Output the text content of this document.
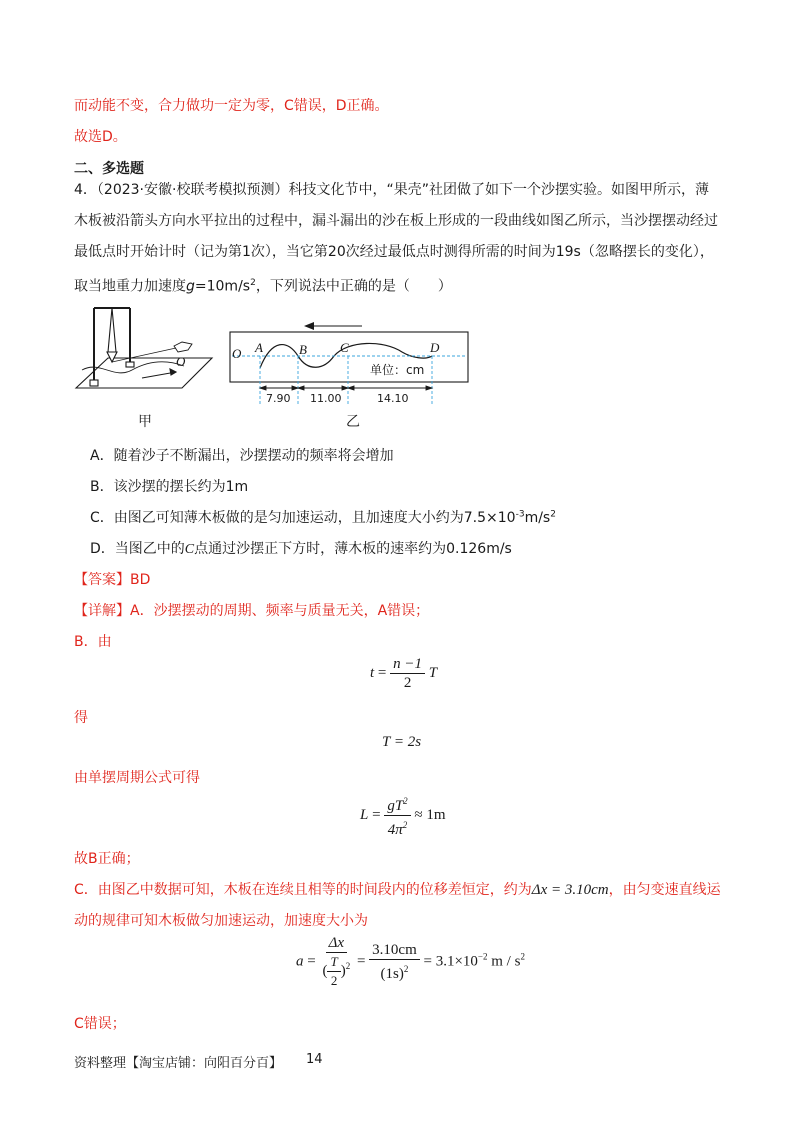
而动能不变，合力做功一定为零，C错误，D正确。
故选D。
二、多选题
4．（2023·安徽·校联考模拟预测）科技文化节中，“果壳”社团做了如下一个沙摆实验。如图甲所示，薄
木板被沿箭头方向水平拉出的过程中，漏斗漏出的沙在板上形成的一段曲线如图乙所示，当沙摆摆动经过
最低点时开始计时（记为第1次），当它第20次经过最低点时测得所需的时间为19s（忽略摆长的变化），
取当地重力加速度$g=10m/s^2$，下列说法中正确的是（　　）
O
甲
O A	B	C	D
单位：cm
7.90 11.00	14.10
乙
A．随着沙子不断漏出，沙摆摆动的频率将会增加
B．该沙摆的摆长约为1m
C．由图乙可知薄木板做的是匀加速运动，且加速度大小约为$7.5\times 10^{-3}m/s^2$
D．当图乙中的C点通过沙摆正下方时，薄木板的速率约为0.126m/s
【答案】BD
【详解】A．沙摆摆动的周期、频率与质量无关，A错误；
B．由
$t = \frac{n -1}{2}$ T
得
T = 2s
由单摆周期公式可得
$L = \frac{gT^2}{4\pi^2} \approx 1m$
故B正确；
C．由图乙中数据可知，木板在连续且相等的时间段内的位移差恒定，约为Δx = 3.10cm，由匀变速直线运
动的规律可知木板做匀加速运动，加速度大小为
$a = \frac{\Delta x}{( \frac{T}{2} )^2} = \frac{3.10cm}{(1s)^2} = 3.1\times 10^{-2}$ m / $s^2$
C错误；
资料整理【淘宝店铺：向阳百分百】 14
